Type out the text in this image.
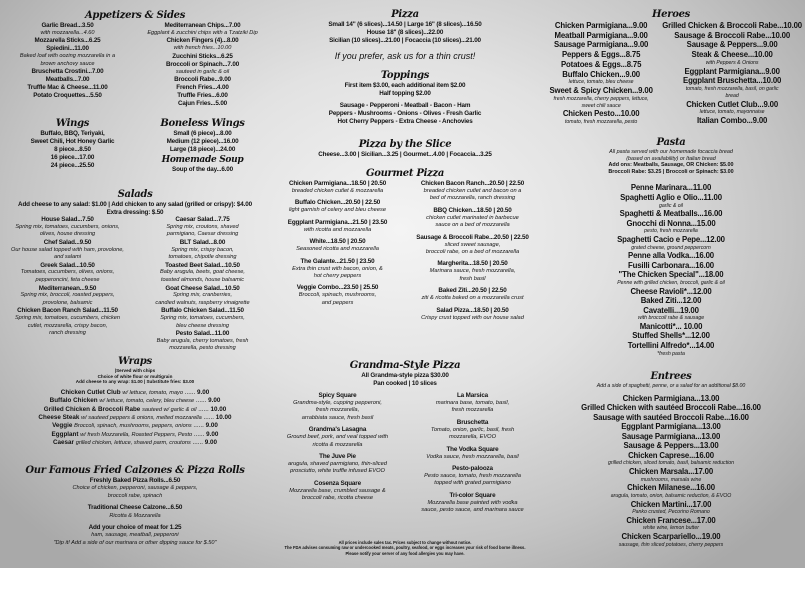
Appetizers & Sides
Garlic Bread...3.50
with mozzarella...4.60
Mozzarella Sticks...6.25
Spiedini...11.00
Baked loaf with oozing mozzarella in a
brown anchovy sauce
Bruschetta Crostini...7.00
Meatballs...7.00
Truffle Mac & Cheese...11.00
Potato Croquettes...5.50
Mediterranean Chips...7.00
Eggplant & zucchini chips with a Tzatziki Dip
Chicken Fingers (4)...8.00
with french fries...10.00
Zucchini Sticks...6.25
Broccoli or Spinach...7.00
sauteed in garlic & oil
Broccoli Rabe...9.00
French Fries...4.00
Truffle Fries...6.00
Cajun Fries...5.00
Wings
Buffalo, BBQ, Teriyaki,
Sweet Chili, Hot Honey Garlic
8 piece...8.50
16 piece...17.00
24 piece...25.50
Boneless Wings
Small (6 piece)...8.00
Medium (12 piece)...16.00
Large (18 piece)...24.00
Homemade Soup
Soup of the day...6.00
Salads
Add cheese to any salad: $1.00 | Add chicken to any salad (grilled or crispy): $4.00
Extra dressing: $.50
House Salad...7.50
Spring mix, tomatoes, cucumbers, onions,
olives, house dressing
Chef Salad...9.50
Our house salad topped with ham, provolone,
and salami
Greek Salad...10.50
Tomatoes, cucumbers, olives, onions,
pepperoncini, feta cheese
Mediterranean...9.50
Spring mix, broccoli, roasted peppers,
provolone, balsamic
Chicken Bacon Ranch Salad...11.50
Spring mix, tomatoes, cucumbers, chicken
cutlet, mozzarella, crispy bacon,
ranch dressing
Caesar Salad...7.75
Spring mix, croutons, shaved
parmigiano, Caesar dressing
BLT Salad...8.00
Spring mix, crispy bacon,
tomatoes, chipotle dressing
Toasted Beet Salad...10.50
Baby arugula, beets, goat cheese,
toasted almonds, house balsamic
Goat Cheese Salad...10.50
Spring mix, cranberries,
candied walnuts, raspberry vinaigrette
Buffalo Chicken Salad...11.50
Spring mix, tomatoes, cucumbers,
bleu cheese dressing
Pesto Salad...11.00
Baby arugula, cherry tomatoes, fresh
mozzarella, pesto dressing
Wraps
|Served with chips
Choice of white flour or multigrain
Add cheese to any wrap: $1.00 | Substitute fries: $3.00
Chicken Cutlet Club w/ lettuce, tomato, mayo ...... 9.00
Buffalo Chicken w/ lettuce, tomato, celery, bleu cheese ...... 9.00
Grilled Chicken & Broccoli Rabe sauteed w/ garlic & oil ...... 10.00
Cheese Steak w/ sauteed peppers & onions, melted mozzarella ...... 10.00
Veggie Broccoli, spinach, mushrooms, peppers, onions ...... 9.00
Eggplant w/ fresh Mozzarella, Roasted Peppers, Pesto ...... 9.00
Caesar grilled chicken, lettuce, shaved parm, croutons ...... 9.00
Our Famous Fried Calzones & Pizza Rolls
Freshly Baked Pizza Rolls...6.50
Choice of chicken, pepperoni, sausage & peppers,
broccoli rabe, spinach
Traditional Cheese Calzone...6.50
Ricotta & Mozzarella
Add your choice of meat for 1.25
ham, sausage, meatball, pepperoni
"Dip it! Add a side of our marinara or other dipping sauce for $.50"
Pizza
Small 14" (6 slices)...14.50 | Large 16" (8 slices)...16.50
House 18" (8 slices)...22.00
Sicilian (10 slices)...21.00 | Focaccia (10 slices)...21.00
If you prefer, ask us for a thin crust!
Toppings
First item $3.00, each additional item $2.00
Half topping $2.00
Sausage - Pepperoni - Meatball - Bacon - Ham
Peppers - Mushrooms - Onions - Olives - Fresh Garlic
Hot Cherry Peppers - Extra Cheese - Anchovies
Pizza by the Slice
Cheese...3.00 | Sicilian...3.25 | Gourmet...4.00 | Focaccia...3.25
Gourmet Pizza
Chicken Parmigiana...18.50 | 20.50
breaded chicken cutlet & mozzarella
Buffalo Chicken...20.50 | 22.50
light garnish of celery and bleu cheese
Eggplant Parmigiana...21.50 | 23.50
with ricotta and mozzarella
White...18.50 | 20.50
Seasoned ricotta and mozzarella
The Galante...21.50 | 23.50
Extra thin crust with bacon, onion, &
hot cherry peppers
Veggie Combo...23.50 | 25.50
Broccoli, spinach, mushrooms,
and peppers
Chicken Bacon Ranch...20.50 | 22.50
breaded chicken cutlet and bacon on a
bed of mozzarella, ranch dressing
BBQ Chicken...18.50 | 20.50
chicken cutlet marinated in barbecue
sauce on a bed of mozzarella
Sausage & Broccoli Rabe...20.50 | 22.50
sliced sweet sausage,
broccoli rabe, on a bed of mozzarella
Margherita...18.50 | 20.50
Marinara sauce, fresh mozzarella,
fresh basil
Baked Ziti...20.50 | 22.50
ziti & ricotta baked on a mozzarella crust
Salad Pizza...18.50 | 20.50
Crispy crust topped with our house salad
Grandma-Style Pizza
All Grandma-style pizza $30.00
Pan cooked | 10 slices
Spicy Square
Grandma-style, cupping pepperoni,
fresh mozzarella,
arrabbiata sauce, fresh basil
Grandma's Lasagna
Ground beef, pork, and veal topped with
ricotta & mozzarella
The Juve Pie
arugula, shaved parmigiano, thin-sliced
prosciutto, white truffle infused EVOO
Cosenza Square
Mozzarella base, crumbled sausage &
broccoli rabe, ricotta cheese
La Marsica
marinara base, tomato, basil,
fresh mozzarella
Bruschetta
Tomato, onion, garlic, basil, fresh
mozzarella, EVOO
The Vodka Square
Vodka sauce, fresh mozzarella, basil
Pesto-palooza
Pesto sauce, tomato, fresh mozzarella
topped with grated parmigiano
Tri-color Square
Mozzarella base painted with vodka
sauce, pesto sauce, and marinara sauce
All prices include sales tax. Prices subject to change without notice.
The FDA advises consuming raw or undercooked meats, poultry, seafood, or eggs increases your risk of food borne illness.
Please notify your server of any food allergies you may have.
Heroes
Chicken Parmigiana...9.00
Meatball Parmigiana...9.00
Sausage Parmigiana...9.00
Peppers & Eggs...8.75
Potatoes & Eggs...8.75
Buffalo Chicken...9.00
lettuce, tomato, bleu cheese
Sweet & Spicy Chicken...9.00
fresh mozzarella, cherry peppers, lettuce,
sweet chili sauce
Chicken Pesto...10.00
tomato, fresh mozzarella, pesto
Grilled Chicken & Broccoli Rabe...10.00
Sausage & Broccoli Rabe...10.00
Sausage & Peppers...9.00
Steak & Cheese...10.00
with Peppers & Onions
Eggplant Parmigiana...9.00
Eggplant Bruschetta...10.00
tomato, fresh mozzarella, basil, on garlic
bread
Chicken Cutlet Club...9.00
lettuce, tomato, mayonnaise
Italian Combo...9.00
Pasta
All pasta served with our homemade focaccia bread
(based on availability) or Italian bread
Add ons: Meatballs, Sausage, OR Chicken: $5.00
Broccoli Rabe: $3.25 | Broccoli or Spinach: $3.00
Penne Marinara...11.00
Spaghetti Aglio e Olio...11.00
garlic & oil
Spaghetti & Meatballs...16.00
Gnocchi di Nonna...15.00
pesto, fresh mozzarella
Spaghetti Cacio e Pepe...12.00
grated cheese, ground peppercorn
Penne alla Vodka...16.00
Fusilli Carbonara...16.00
"The Chicken Special"...18.00
Penne with grilled chicken, broccoli, garlic & oil
Cheese Ravioli*...12.00
Baked Ziti...12.00
Cavatelli...19.00
with broccoli rabe & sausage
Manicotti*... 10.00
Stuffed Shells*...12.00
Tortellini Alfredo*...14.00
*fresh pasta
Entrees
Add a side of spaghetti, penne, or a salad for an additional $8.00
Chicken Parmigiana...13.00
Grilled Chicken with sautéed Broccoli Rabe...16.00
Sausage with sautéed Broccoli Rabe...16.00
Eggplant Parmigiana...13.00
Sausage Parmigiana...13.00
Sausage & Peppers...13.00
Chicken Caprese...16.00
grilled chicken, sliced tomato, basil, balsamic reduction
Chicken Marsala...17.00
mushrooms, marsala wine
Chicken Milanese...16.00
arugula, tomato, onion, balsamic reduction, & EVOO
Chicken Martini...17.00
Panko crusted, Pecorino Romano
Chicken Francese...17.00
white wine, lemon butter
Chicken Scarpariello...19.00
sausage, thin sliced potatoes, cherry peppers
